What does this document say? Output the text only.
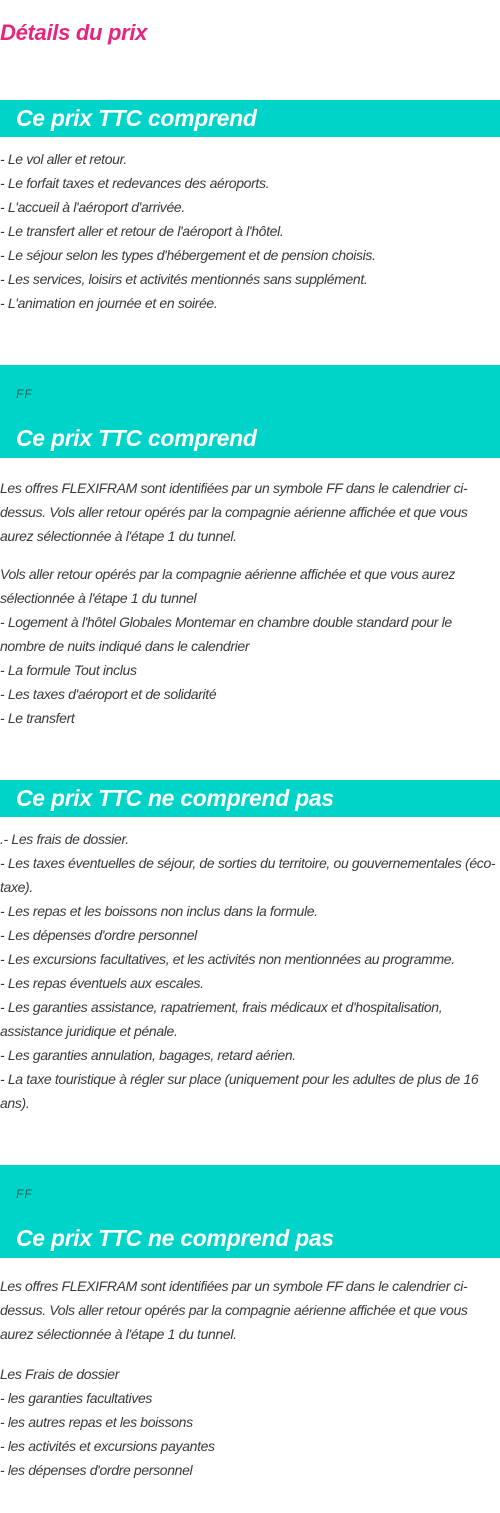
Détails du prix
Ce prix TTC comprend
- Le vol aller et retour.
- Le forfait taxes et redevances des aéroports.
- L'accueil à l'aéroport d'arrivée.
- Le transfert aller et retour de l'aéroport à l'hôtel.
- Le séjour selon les types d'hébergement et de pension choisis.
- Les services, loisirs et activités mentionnés sans supplément.
- L'animation en journée et en soirée.
FF
Ce prix TTC comprend

Les offres FLEXIFRAM sont identifiées par un symbole FF dans le calendrier ci-dessus. Vols aller retour opérés par la compagnie aérienne affichée et que vous aurez sélectionnée à l'étape 1 du tunnel.

Vols aller retour opérés par la compagnie aérienne affichée et que vous aurez sélectionnée à l'étape 1 du tunnel

- Logement à l'hôtel Globales Montemar en chambre double standard pour le nombre de nuits indiqué dans le calendrier

- La formule Tout inclus

- Les taxes d'aéroport et de solidarité

- Le transfert

Ce prix TTC ne comprend pas

.- Les frais de dossier.

- Les taxes éventuelles de séjour, de sorties du territoire, ou gouvernementales (éco-taxe).

- Les repas et les boissons non inclus dans la formule.

- Les dépenses d'ordre personnel

- Les excursions facultatives, et les activités non mentionnées au programme.

- Les repas éventuels aux escales.

- Les garanties assistance, rapatriement, frais médicaux et d'hospitalisation, assistance juridique et pénale.

- Les garanties annulation, bagages, retard aérien.

- La taxe touristique à régler sur place (uniquement pour les adultes de plus de 16 ans).

FF
Ce prix TTC ne comprend pas

Les offres FLEXIFRAM sont identifiées par un symbole FF dans le calendrier ci-dessus. Vols aller retour opérés par la compagnie aérienne affichée et que vous aurez sélectionnée à l'étape 1 du tunnel.

Les Frais de dossier
- les garanties facultatives
- les autres repas et les boissons
- les activités et excursions payantes
- les dépenses d'ordre personnel
